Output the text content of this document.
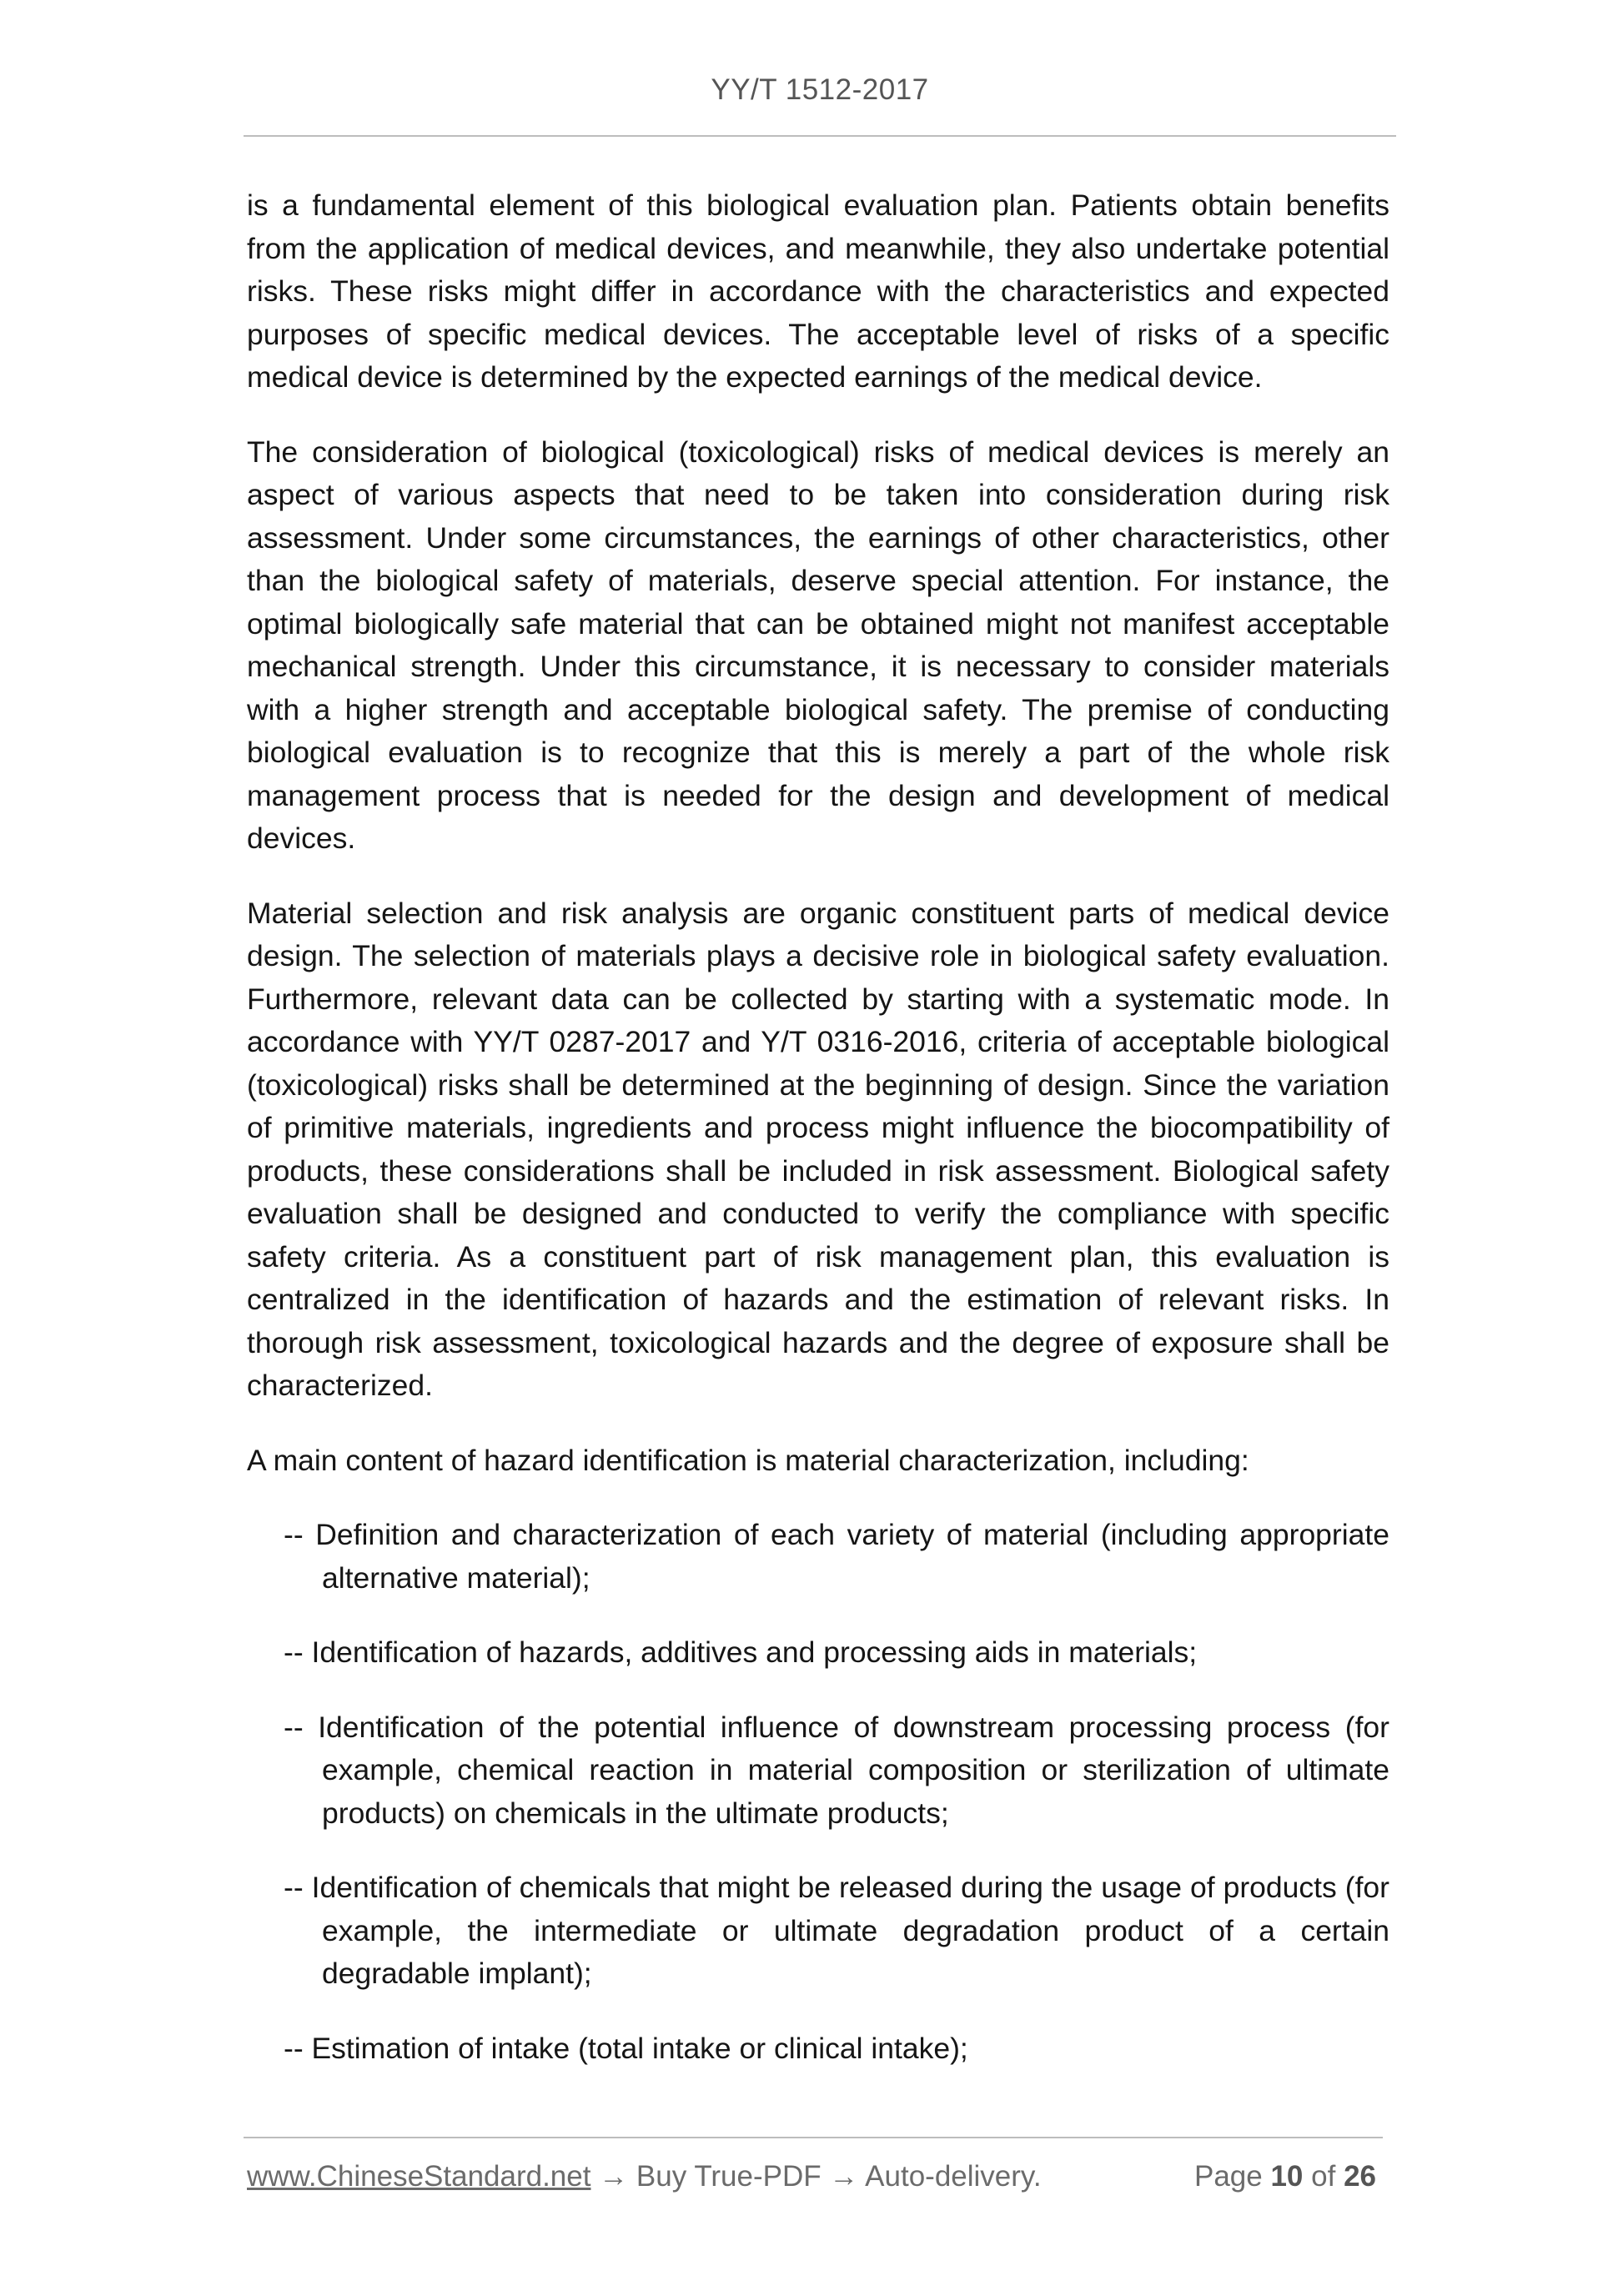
YY/T 1512-2017

is a fundamental element of this biological evaluation plan. Patients obtain benefits from the application of medical devices, and meanwhile, they also undertake potential risks. These risks might differ in accordance with the characteristics and expected purposes of specific medical devices. The acceptable level of risks of a specific medical device is determined by the expected earnings of the medical device.

The consideration of biological (toxicological) risks of medical devices is merely an aspect of various aspects that need to be taken into consideration during risk assessment. Under some circumstances, the earnings of other characteristics, other than the biological safety of materials, deserve special attention. For instance, the optimal biologically safe material that can be obtained might not manifest acceptable mechanical strength. Under this circumstance, it is necessary to consider materials with a higher strength and acceptable biological safety. The premise of conducting biological evaluation is to recognize that this is merely a part of the whole risk management process that is needed for the design and development of medical devices.

Material selection and risk analysis are organic constituent parts of medical device design. The selection of materials plays a decisive role in biological safety evaluation. Furthermore, relevant data can be collected by starting with a systematic mode. In accordance with YY/T 0287-2017 and Y/T 0316-2016, criteria of acceptable biological (toxicological) risks shall be determined at the beginning of design. Since the variation of primitive materials, ingredients and process might influence the biocompatibility of products, these considerations shall be included in risk assessment. Biological safety evaluation shall be designed and conducted to verify the compliance with specific safety criteria. As a constituent part of risk management plan, this evaluation is centralized in the identification of hazards and the estimation of relevant risks. In thorough risk assessment, toxicological hazards and the degree of exposure shall be characterized.

A main content of hazard identification is material characterization, including:

-- Definition and characterization of each variety of material (including appropriate alternative material);
-- Identification of hazards, additives and processing aids in materials;
-- Identification of the potential influence of downstream processing process (for example, chemical reaction in material composition or sterilization of ultimate products) on chemicals in the ultimate products;
-- Identification of chemicals that might be released during the usage of products (for example, the intermediate or ultimate degradation product of a certain degradable implant);
-- Estimation of intake (total intake or clinical intake);
www.ChineseStandard.net → Buy True-PDF → Auto-delivery.	Page 10 of 26
